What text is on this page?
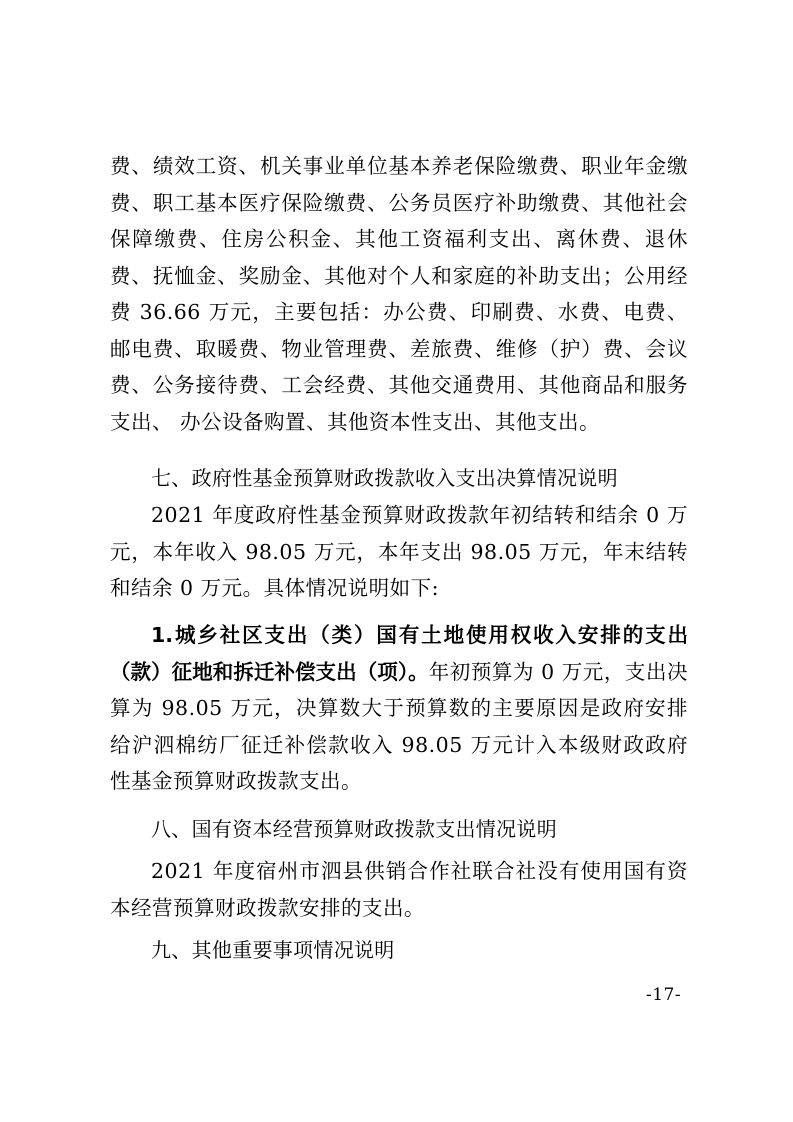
费、绩效工资、机关事业单位基本养老保险缴费、职业年金缴费、职工基本医疗保险缴费、公务员医疗补助缴费、其他社会保障缴费、住房公积金、其他工资福利支出、离休费、退休费、抚恤金、奖励金、其他对个人和家庭的补助支出；公用经费 36.66 万元，主要包括：办公费、印刷费、水费、电费、邮电费、取暖费、物业管理费、差旅费、维修（护）费、会议费、公务接待费、工会经费、其他交通费用、其他商品和服务支出、 办公设备购置、其他资本性支出、其他支出。

七、政府性基金预算财政拨款收入支出决算情况说明

2021 年度政府性基金预算财政拨款年初结转和结余 0 万元，本年收入 98.05 万元，本年支出 98.05 万元，年末结转和结余 0 万元。具体情况说明如下:

1.城乡社区支出（类）国有土地使用权收入安排的支出（款）征地和拆迁补偿支出（项）。年初预算为 0 万元，支出决算为 98.05 万元，决算数大于预算数的主要原因是政府安排给沪泗棉纺厂征迁补偿款收入 98.05 万元计入本级财政政府性基金预算财政拨款支出。

八、国有资本经营预算财政拨款支出情况说明

2021 年度宿州市泗县供销合作社联合社没有使用国有资本经营预算财政拨款安排的支出。

九、其他重要事项情况说明

-17-
